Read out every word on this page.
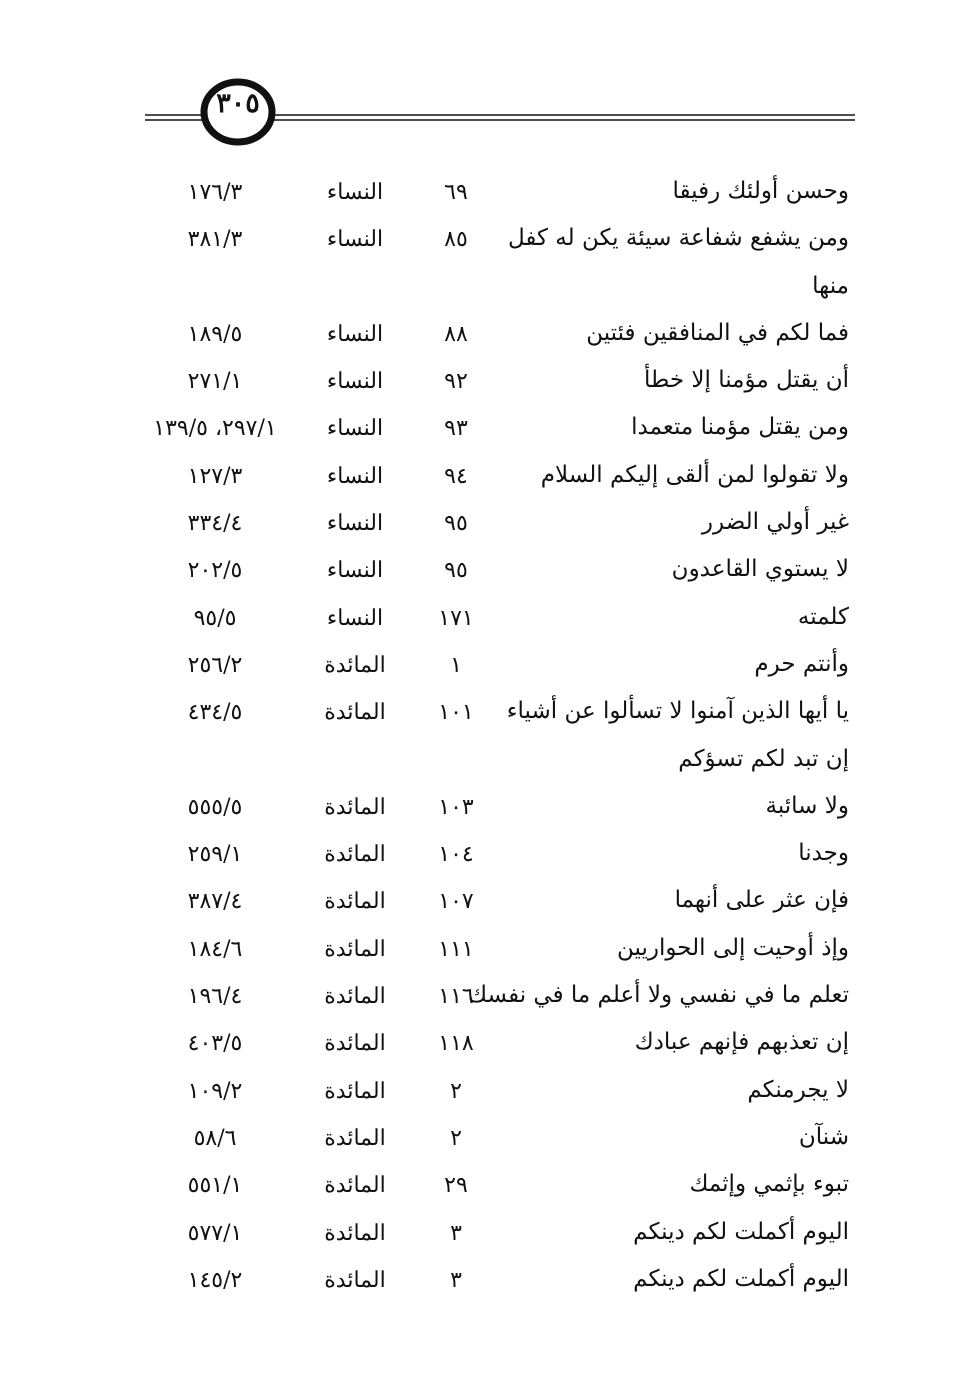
٣٠٥
وحسن أولئك رفيقا
٦٩
النساء
١٧٦/٣
ومن يشفع شفاعة سيئة يكن له كفل
٨٥
النساء
٣٨١/٣
منها
فما لكم في المنافقين فئتين
٨٨
النساء
١٨٩/٥
أن يقتل مؤمنا إلا خطأ
٩٢
النساء
٢٧١/١
ومن يقتل مؤمنا متعمدا
٩٣
النساء
٢٩٧/١، ١٣٩/٥
ولا تقولوا لمن ألقى إليكم السلام
٩٤
النساء
١٢٧/٣
غير أولي الضرر
٩٥
النساء
٣٣٤/٤
لا يستوي القاعدون
٩٥
النساء
٢٠٢/٥
كلمته
١٧١
النساء
٩٥/٥
وأنتم حرم
١
المائدة
٢٥٦/٢
يا أيها الذين آمنوا لا تسألوا عن أشياء
١٠١
المائدة
٤٣٤/٥
إن تبد لكم تسؤكم
ولا سائبة
١٠٣
المائدة
٥٥٥/٥
وجدنا
١٠٤
المائدة
٢٥٩/١
فإن عثر على أنهما
١٠٧
المائدة
٣٨٧/٤
وإذ أوحيت إلى الحواريين
١١١
المائدة
١٨٤/٦
تعلم ما في نفسي ولا أعلم ما في نفسك
١١٦
المائدة
١٩٦/٤
إن تعذبهم فإنهم عبادك
١١٨
المائدة
٤٠٣/٥
لا يجرمنكم
٢
المائدة
١٠٩/٢
شنآن
٢
المائدة
٥٨/٦
تبوء بإثمي وإثمك
٢٩
المائدة
٥٥١/١
اليوم أكملت لكم دينكم
٣
المائدة
٥٧٧/١
اليوم أكملت لكم دينكم
٣
المائدة
١٤٥/٢
